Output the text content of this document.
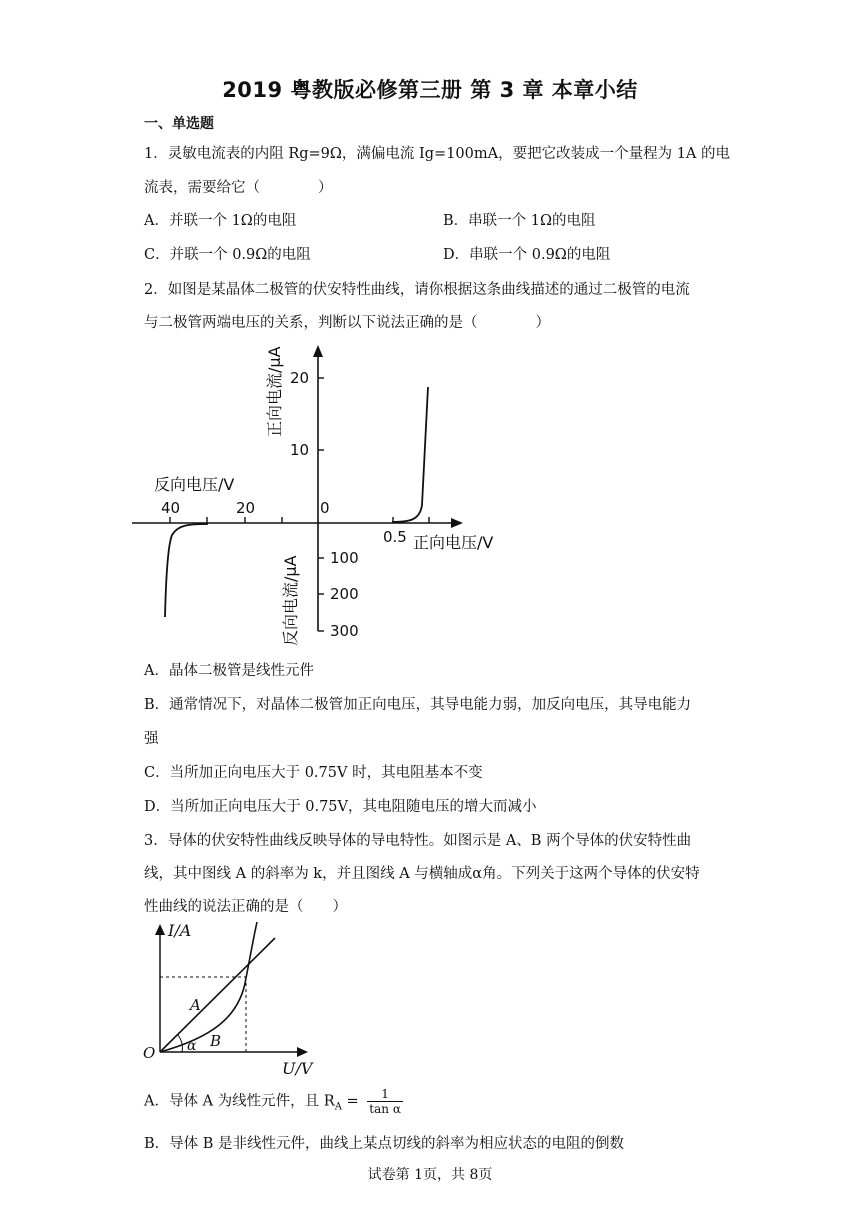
2019 粤教版必修第三册 第 3 章 本章小结
一、单选题
1．灵敏电流表的内阻 Rg=9Ω，满偏电流 Ig=100mA，要把它改装成一个量程为 1A 的电
流表，需要给它（　　　　）
A．并联一个 1Ω的电阻	B．串联一个 1Ω的电阻
C．并联一个 0.9Ω的电阻	D．串联一个 0.9Ω的电阻
2．如图是某晶体二极管的伏安特性曲线，请你根据这条曲线描述的通过二极管的电流
与二极管两端电压的关系，判断以下说法正确的是（　　　　）
20
10
100
200
300
40	20	0
0.5 正向电压/V
反向电压/V
正向电流/μA
反向电流/μA
A．晶体二极管是线性元件
B．通常情况下，对晶体二极管加正向电压，其导电能力弱，加反向电压，其导电能力
强
C．当所加正向电压大于 0.75V 时，其电阻基本不变
D．当所加正向电压大于 0.75V，其电阻随电压的增大而减小
3．导体的伏安特性曲线反映导体的导电特性。如图示是 A、B 两个导体的伏安特性曲
线，其中图线 A 的斜率为 k，并且图线 A 与横轴成α角。下列关于这两个导体的伏安特
性曲线的说法正确的是（　　）
I/A
U/V
O
A
B
α
A．导体 A 为线性元件，且 $R_A = \frac{1}{\text{tan α}}$
B．导体 B 是非线性元件，曲线上某点切线的斜率为相应状态的电阻的倒数
试卷第 1页，共 8页
